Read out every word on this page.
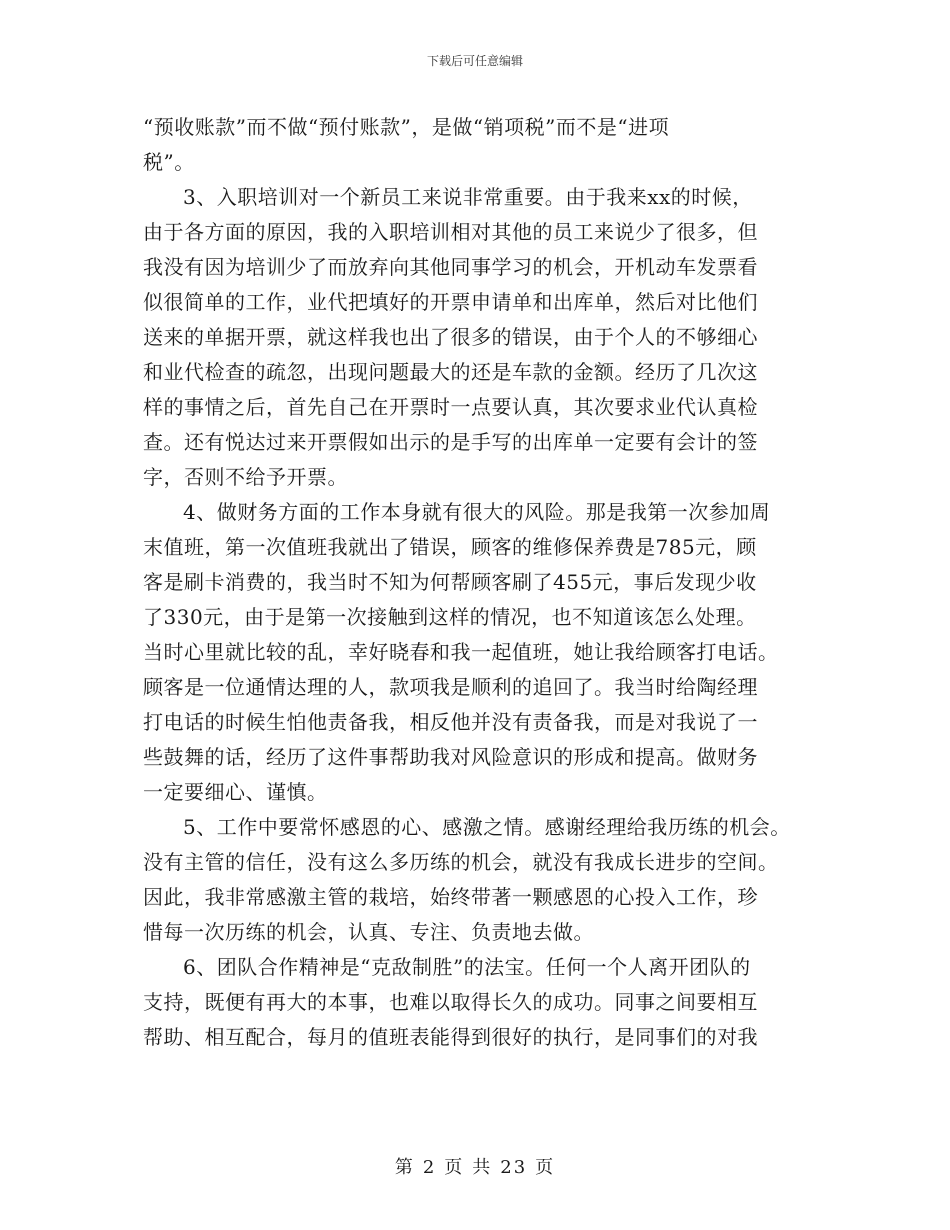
下载后可任意编辑
“预收账款”而不做“预付账款”，是做“销项税”而不是“进项
税”。
3、入职培训对一个新员工来说非常重要。由于我来xx的时候，
由于各方面的原因，我的入职培训相对其他的员工来说少了很多，但
我没有因为培训少了而放弃向其他同事学习的机会，开机动车发票看
似很简单的工作，业代把填好的开票申请单和出库单，然后对比他们
送来的单据开票，就这样我也出了很多的错误，由于个人的不够细心
和业代检查的疏忽，出现问题最大的还是车款的金额。经历了几次这
样的事情之后，首先自己在开票时一点要认真，其次要求业代认真检
查。还有悦达过来开票假如出示的是手写的出库单一定要有会计的签
字，否则不给予开票。
4、做财务方面的工作本身就有很大的风险。那是我第一次参加周
末值班，第一次值班我就出了错误，顾客的维修保养费是785元，顾
客是刷卡消费的，我当时不知为何帮顾客刷了455元，事后发现少收
了330元，由于是第一次接触到这样的情况，也不知道该怎么处理。
当时心里就比较的乱，幸好晓春和我一起值班，她让我给顾客打电话。
顾客是一位通情达理的人，款项我是顺利的追回了。我当时给陶经理
打电话的时候生怕他责备我，相反他并没有责备我，而是对我说了一
些鼓舞的话，经历了这件事帮助我对风险意识的形成和提高。做财务
一定要细心、谨慎。
5、工作中要常怀感恩的心、感激之情。感谢经理给我历练的机会。
没有主管的信任，没有这么多历练的机会，就没有我成长进步的空间。
因此，我非常感激主管的栽培，始终带著一颗感恩的心投入工作，珍
惜每一次历练的机会，认真、专注、负责地去做。
6、团队合作精神是“克敌制胜”的法宝。任何一个人离开团队的
支持，既便有再大的本事，也难以取得长久的成功。同事之间要相互
帮助、相互配合，每月的值班表能得到很好的执行，是同事们的对我
第 2 页 共 23 页
